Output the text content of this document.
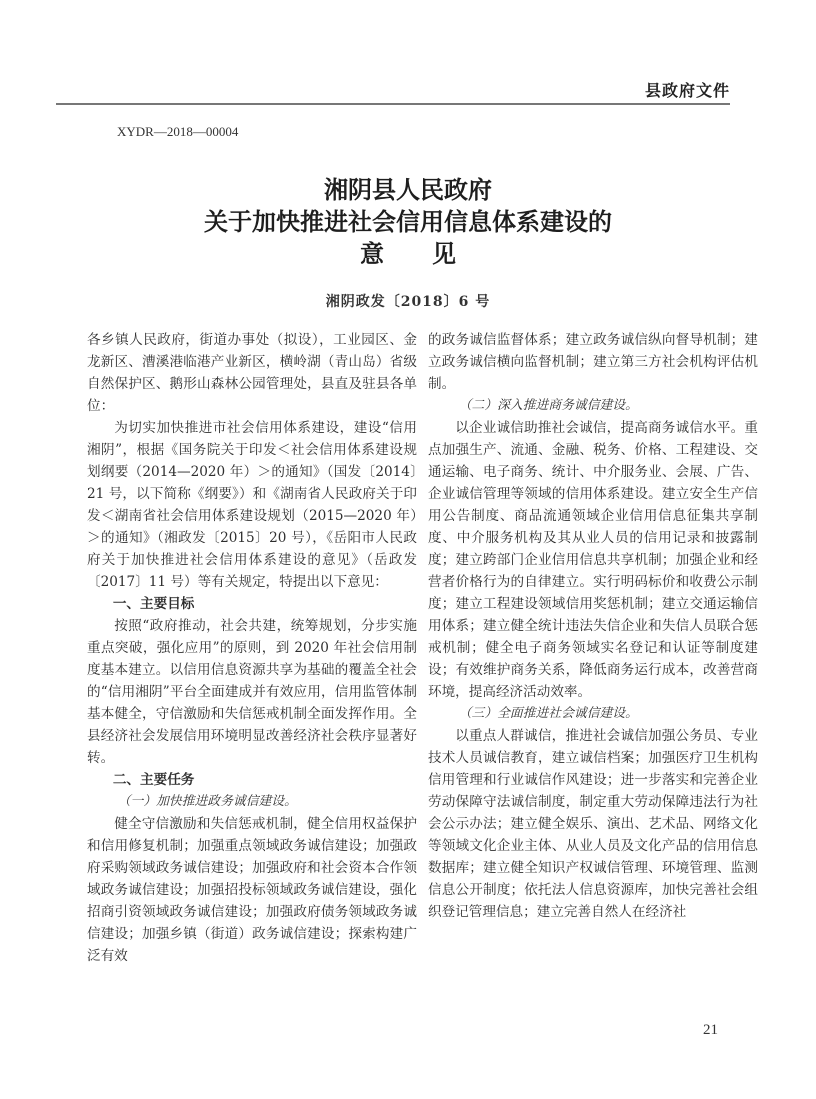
县政府文件
XYDR—2018—00004
湘阴县人民政府
关于加快推进社会信用信息体系建设的
意 见
湘阴政发〔2018〕6 号

各乡镇人民政府，街道办事处（拟设），工业园区、金龙新区、漕溪港临港产业新区，横岭湖（青山岛）省级自然保护区、鹅形山森林公园管理处，县直及驻县各单位：

为切实加快推进市社会信用体系建设，建设“信用湘阴”，根据《国务院关于印发＜社会信用体系建设规划纲要（2014—2020 年）＞的通知》（国发〔2014〕21 号，以下简称《纲要》）和《湖南省人民政府关于印发＜湖南省社会信用体系建设规划（2015—2020 年）＞的通知》（湘政发〔2015〕20 号），《岳阳市人民政府关于加快推进社会信用体系建设的意见》（岳政发〔2017〕11 号）等有关规定，特提出以下意见：

一、主要目标

按照“政府推动，社会共建，统筹规划，分步实施重点突破，强化应用”的原则，到 2020 年社会信用制度基本建立。以信用信息资源共享为基础的覆盖全社会的“信用湘阴”平台全面建成并有效应用，信用监管体制基本健全，守信激励和失信惩戒机制全面发挥作用。全县经济社会发展信用环境明显改善经济社会秩序显著好转。

二、主要任务

（一）加快推进政务诚信建设。

健全守信激励和失信惩戒机制，健全信用权益保护和信用修复机制；加强重点领域政务诚信建设；加强政府采购领域政务诚信建设；加强政府和社会资本合作领域政务诚信建设；加强招投标领域政务诚信建设，强化招商引资领域政务诚信建设；加强政府债务领域政务诚信建设；加强乡镇（街道）政务诚信建设；探索构建广泛有效

的政务诚信监督体系；建立政务诚信纵向督导机制；建立政务诚信横向监督机制；建立第三方社会机构评估机制。

（二）深入推进商务诚信建设。

以企业诚信助推社会诚信，提高商务诚信水平。重点加强生产、流通、金融、税务、价格、工程建设、交通运输、电子商务、统计、中介服务业、会展、广告、企业诚信管理等领域的信用体系建设。建立安全生产信用公告制度、商品流通领域企业信用信息征集共享制度、中介服务机构及其从业人员的信用记录和披露制度；建立跨部门企业信用信息共享机制；加强企业和经营者价格行为的自律建立。实行明码标价和收费公示制度；建立工程建设领域信用奖惩机制；建立交通运输信用体系；建立健全统计违法失信企业和失信人员联合惩戒机制；健全电子商务领域实名登记和认证等制度建设；有效维护商务关系，降低商务运行成本，改善营商环境，提高经济活动效率。

（三）全面推进社会诚信建设。

以重点人群诚信，推进社会诚信加强公务员、专业技术人员诚信教育，建立诚信档案；加强医疗卫生机构信用管理和行业诚信作风建设；进一步落实和完善企业劳动保障守法诚信制度，制定重大劳动保障违法行为社会公示办法；建立健全娱乐、演出、艺术品、网络文化等领域文化企业主体、从业人员及文化产品的信用信息数据库；建立健全知识产权诚信管理、环境管理、监测信息公开制度；依托法人信息资源库，加快完善社会组织登记管理信息；建立完善自然人在经济社

21
